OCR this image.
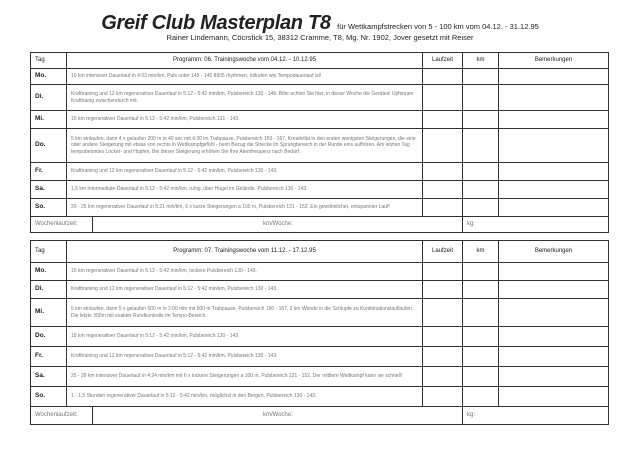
Greif Club Masterplan T8 für Wettkampfstrecken von 5 - 100 km vom 04.12. - 31.12.95
Rainer Lindemann, Cöcrstick 15, 38312 Cramme, T8, Mg. Nr. 1902, Jover gesetzt mit Reiser
Tag	Programm: 06. Trainingswoche vom 04.12. - 10.12.95		Laufzeit	km	Bemerkungen
Mo.	10 km intensiver Dauerlauf in 4:03 min/km, Puls unter 145 - 145 8905 rhythmen, tollrufen wie Tempodauerlauf ist!				
Di.	Krafttraining und 12 km regenerativer Dauerlauf in 5:12 - 5:42 min/km, Pulsbereich 130 - 146. Bitte achten Sie hier, in dieser Woche die Gerätes! Uphinnen Krafttraing zwischendurch mit.				
Mi.	15 km regenerativer Dauerlauf in 5:12 - 5:42 min/km, Pulsbereich 131 - 143.				
Do.	5 km einlaufen, dann 4 x gelaufen 200 m in 40 sec mit 4:30 im Trabpause, Pulsbereich 150 - 167. Kreativität in den ersten wenigsten Steigerungen, die eine oder andere Steigerung mit etwas von rechts in Wettkampfgefühl - beim Bezug die Strecke im Sprungbereich in der Runde eins aufhören. Am letzten Tag tempobetontes Locker- und Hüpfen. Bei dieser Steigerung erhöhen Sie Ihre Atemfrequenz nach Bedarf.				
Fr.	Krafttraining und 12 km regenerativer Dauerlauf in 5:12 - 5:42 min/km, Pulsbereich 130 - 143.				
Sa.	1,5 km Intermediate-Dauerlauf in 5:12 - 5:42 min/km, ruhig, über Hügel im Gelände. Pulsbereich 130 - 143.				
So.	20 - 25 km regenerativer Dauerlauf in 5:21 min/km, 6 x kurze Steigerungen a 100 m, Pulsbereich 131 - 152. Ein gewöhnlicher, entspannter Lauf!				
Wochenlaufzeit:		km/Woche:		kg:	
Tag	Programm: 07. Trainingswoche vom 11.12. - 17.12.95		Laufzeit	km	Bemerkungen
Mo.	15 km regenerativer Dauerlauf in 5:12 - 5:42 min/km, lockere Pulsbereich 130 - 143.				
Di.	Krafttraining und 12 km regenerativer Dauerlauf in 5:12 - 5:42 min/km, Pulsbereich 130 - 143.				
Mi.	5 km einlaufen, dann 5 x gelaufen 500 m in 2:00 min mit 500 m Trabpause, Pulsbereich 150 - 167, 2 km Wende in die Schlupfe zu Kombinationslauflaufen. Die letzte 300m mit exakter Rundkontrolle im Tempo-Bereich.				
Do.	18 km regenerativer Dauerlauf in 5:12 - 5:42 min/km, Pulsbereich 130 - 143.				
Fr.	Krafttraining und 12 km regenerativer Dauerlauf in 5:12 - 5:42 min/km, Pulsbereich 130 - 143.				
Sa.	25 - 28 km intensiver Dauerlauf in 4:24 min/km mit 6 x lockere Steigerungen a 100 m, Pulsbereich 131 - 152. Der mittlere Wettkampf kann sie schnell!				
So.	1 - 1,5 Stunden regenerativer Dauerlauf in 5:12 - 5:42 min/km, möglichst in den Bergen, Pulsbereich 130 - 143.				
Wochenlaufzeit:		km/Woche:		kg:	
